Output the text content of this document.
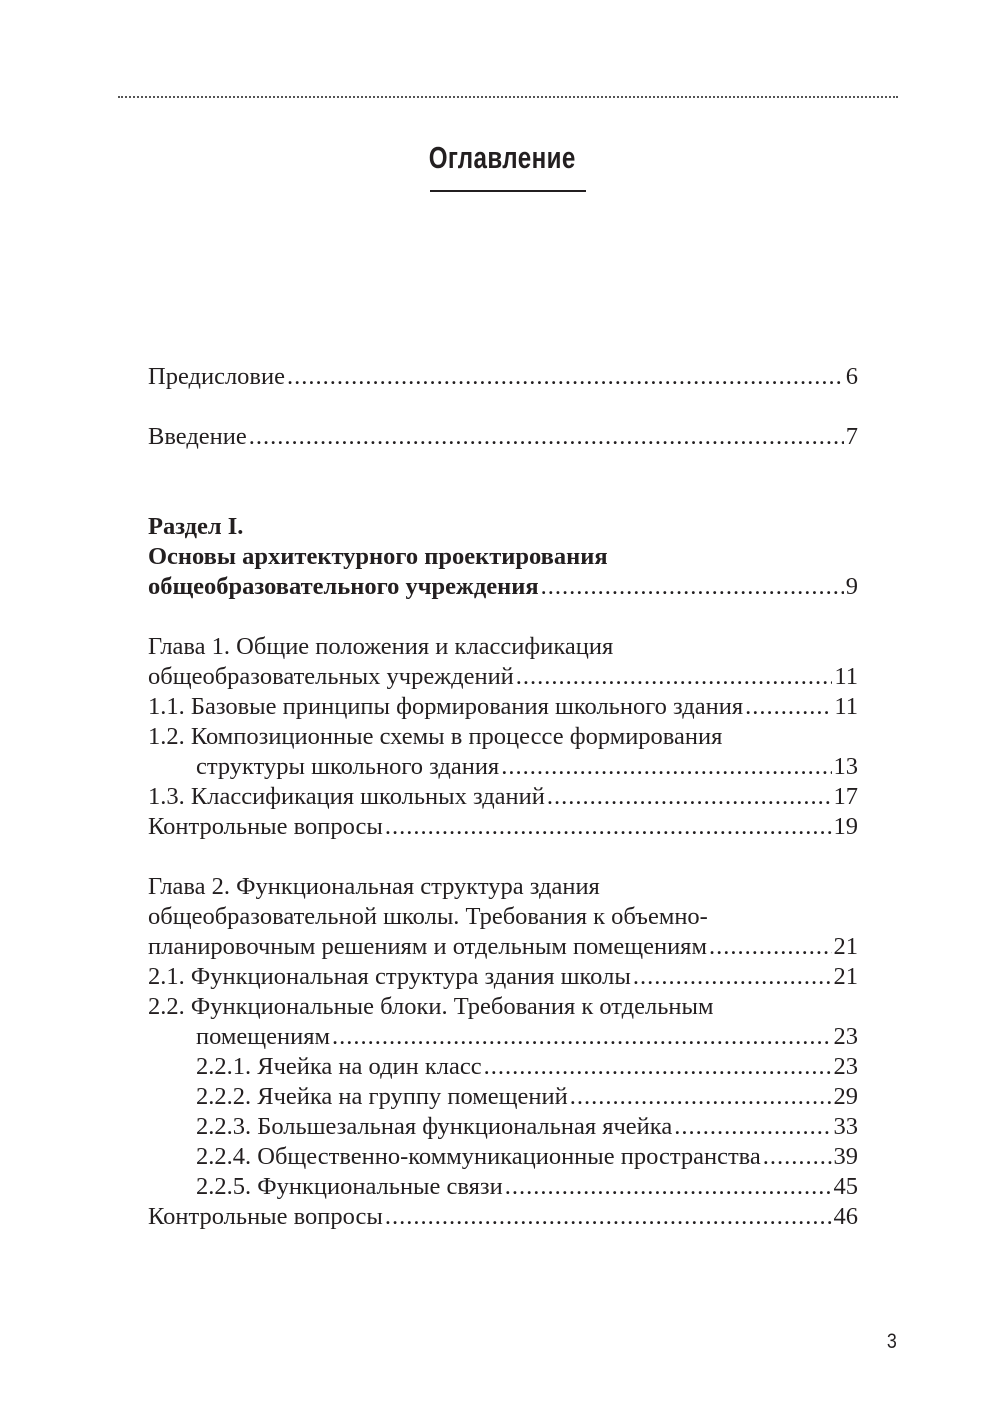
Оглавление
Предисловие .....	6
Введение .....	7
Раздел I.
Основы архитектурного проектирования
общеобразовательного учреждения .....	9
Глава 1. Общие положения и классификация
общеобразовательных учреждений .....	11
1.1. Базовые принципы формирования школьного здания .....	11
1.2. Композиционные схемы в процессе формирования
структуры школьного здания .....	13
1.3. Классификация школьных зданий .....	17
Контрольные вопросы .....	19
Глава 2. Функциональная структура здания
общеобразовательной школы. Требования к объемно-
планировочным решениям и отдельным помещениям .....	21
2.1. Функциональная структура здания школы .....	21
2.2. Функциональные блоки. Требования к отдельным
помещениям .....	23
2.2.1. Ячейка на один класс .....	23
2.2.2. Ячейка на группу помещений .....	29
2.2.3. Большезальная функциональная ячейка .....	33
2.2.4. Общественно-коммуникационные пространства .....	39
2.2.5. Функциональные связи .....	45
Контрольные вопросы .....	46
3
